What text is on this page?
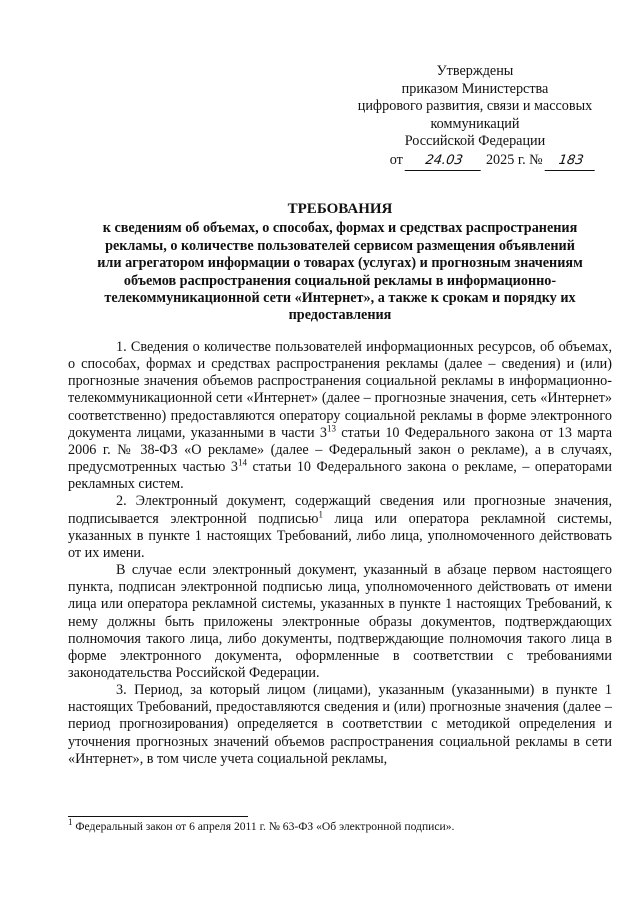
Утверждены
приказом Министерства
цифрового развития, связи и массовых
коммуникаций
Российской Федерации
от 24.03 2025 г. № 183
ТРЕБОВАНИЯ
к сведениям об объемах, о способах, формах и средствах распространения
рекламы, о количестве пользователей сервисом размещения объявлений
или агрегатором информации о товарах (услугах) и прогнозным значениям
объемов распространения социальной рекламы в информационно-
телекоммуникационной сети «Интернет», а также к срокам и порядку их
предоставления

1. Сведения о количестве пользователей информационных ресурсов, об объемах, о способах, формах и средствах распространения рекламы (далее – сведения) и (или) прогнозные значения объемов распространения социальной рекламы в информационно-телекоммуникационной сети «Интернет» (далее – прогнозные значения, сеть «Интернет» соответственно) предоставляются оператору социальной рекламы в форме электронного документа лицами, указанными в части $3^{13}$ статьи 10 Федерального закона от 13 марта 2006 г. № 38-ФЗ «О рекламе» (далее – Федеральный закон о рекламе), а в случаях, предусмотренных частью $3^{14}$ статьи 10 Федерального закона о рекламе, – операторами рекламных систем.

2. Электронный документ, содержащий сведения или прогнозные значения, подписывается электронной подписью$^1$ лица или оператора рекламной системы, указанных в пункте 1 настоящих Требований, либо лица, уполномоченного действовать от их имени.

В случае если электронный документ, указанный в абзаце первом настоящего пункта, подписан электронной подписью лица, уполномоченного действовать от имени лица или оператора рекламной системы, указанных в пункте 1 настоящих Требований, к нему должны быть приложены электронные образы документов, подтверждающих полномочия такого лица, либо документы, подтверждающие полномочия такого лица в форме электронного документа, оформленные в соответствии с требованиями законодательства Российской Федерации.

3. Период, за который лицом (лицами), указанным (указанными) в пункте 1 настоящих Требований, предоставляются сведения и (или) прогнозные значения (далее – период прогнозирования) определяется в соответствии с методикой определения и уточнения прогнозных значений объемов распространения социальной рекламы в сети «Интернет», в том числе учета социальной рекламы,

$^1$ Федеральный закон от 6 апреля 2011 г. № 63-ФЗ «Об электронной подписи».
